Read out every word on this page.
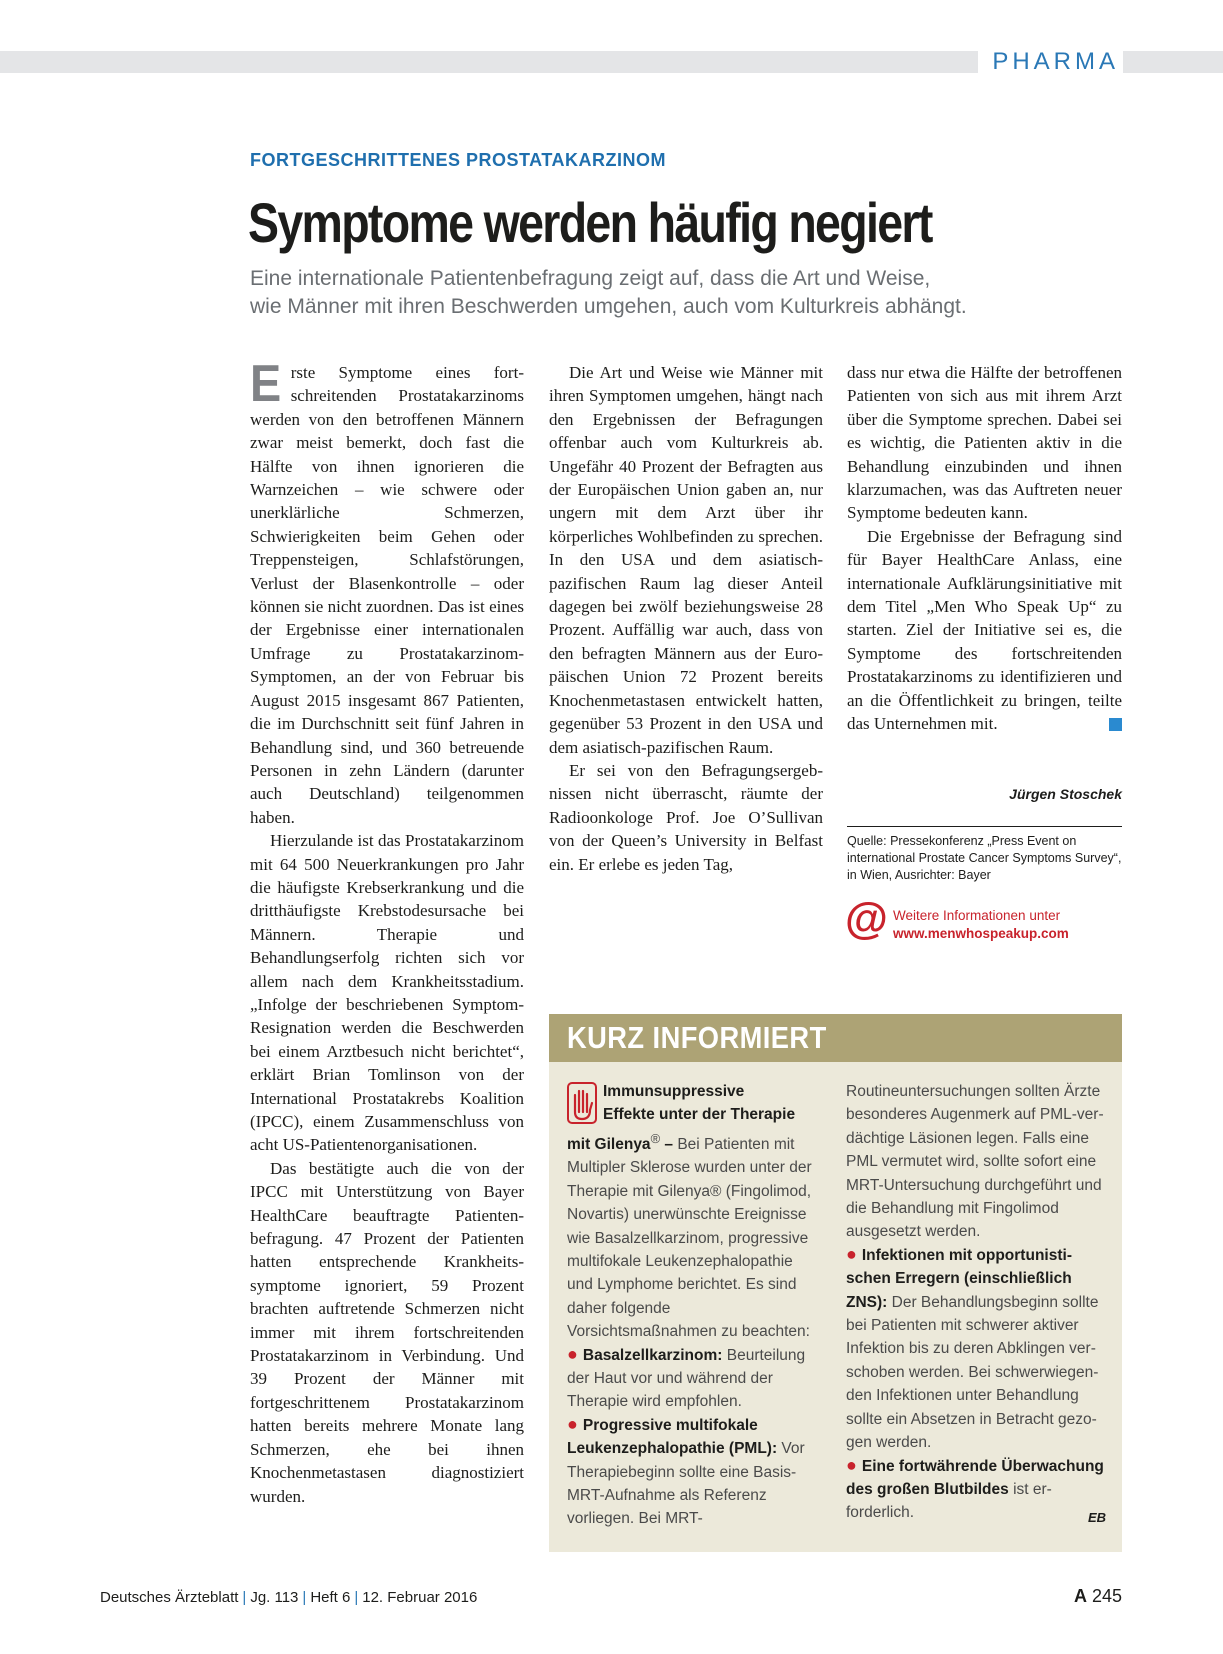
PHARMA
FORTGESCHRITTENES PROSTATAKARZINOM
Symptome werden häufig negiert
Eine internationale Patientenbefragung zeigt auf, dass die Art und Weise,
wie Männer mit ihren Beschwerden umgehen, auch vom Kulturkreis abhängt.

Erste Symptome eines fortschreitenden Prostatakarzinoms werden von den betroffenen Männern zwar meist bemerkt, doch fast die Hälfte von ihnen ignorieren die Warnzeichen – wie schwere oder unerklärliche Schmerzen, Schwierigkeiten beim Gehen oder Treppensteigen, Schlafstörungen, Verlust der Blasenkontrolle – oder können sie nicht zuordnen. Das ist eines der Ergebnisse einer internationalen Umfrage zu Prostatakarzinom-Symptomen, an der von Februar bis August 2015 insgesamt 867 Patienten, die im Durchschnitt seit fünf Jahren in Behandlung sind, und 360 betreuende Personen in zehn Ländern (darunter auch Deutschland) teilgenommen haben.

Hierzulande ist das Prostatakarzinom mit 64 500 Neuerkrankungen pro Jahr die häufigste Krebserkrankung und die dritthäufigste Krebstodesursache bei Männern. Therapie und Behandlungserfolg richten sich vor allem nach dem Krankheitsstadium. „Infolge der beschriebenen Symptom-Resignation werden die Beschwerden bei einem Arztbesuch nicht berichtet“, erklärt Brian Tomlinson von der International Prostatakrebs Koalition (IPCC), einem Zusammenschluss von acht US-Patientenorganisationen.

Das bestätigte auch die von der IPCC mit Unterstützung von Bayer HealthCare beauftragte Patientenbefragung. 47 Prozent der Patienten hatten entsprechende Krankheitssymptome ignoriert, 59 Prozent brachten auftretende Schmerzen nicht immer mit ihrem fortschreitenden Prostatakarzinom in Verbindung. Und 39 Prozent der Männer mit fortgeschrittenem Prostatakarzinom hatten bereits mehrere Monate lang Schmerzen, ehe bei ihnen Knochenmetastasen diagnostiziert wurden.

Die Art und Weise wie Männer mit ihren Symptomen umgehen, hängt nach den Ergebnissen der Befragungen offenbar auch vom Kulturkreis ab. Ungefähr 40 Prozent der Befragten aus der Europäischen Union gaben an, nur ungern mit dem Arzt über ihr körperliches Wohlbefinden zu sprechen. In den USA und dem asiatisch-pazifischen Raum lag dieser Anteil dagegen bei zwölf beziehungsweise 28 Prozent. Auffällig war auch, dass von den befragten Männern aus der Europäischen Union 72 Prozent bereits Knochenmetastasen entwickelt hatten, gegenüber 53 Prozent in den USA und dem asiatisch-pazifischen Raum.

Er sei von den Befragungsergebnissen nicht überrascht, räumte der Radioonkologe Prof. Joe O’Sullivan von der Queen’s University in Belfast ein. Er erlebe es jeden Tag,

dass nur etwa die Hälfte der betroffenen Patienten von sich aus mit ihrem Arzt über die Symptome sprechen. Dabei sei es wichtig, die Patienten aktiv in die Behandlung einzubinden und ihnen klarzumachen, was das Auftreten neuer Symptome bedeuten kann.

Die Ergebnisse der Befragung sind für Bayer HealthCare Anlass, eine internationale Aufklärungsinitiative mit dem Titel „Men Who Speak Up“ zu starten. Ziel der Initiative sei es, die Symptome des fortschreitenden Prostatakarzinoms zu identifizieren und an die Öffentlichkeit zu bringen, teilte das Unternehmen mit.

Jürgen Stoschek
Quelle: Pressekonferenz „Press Event on international Prostate Cancer Symptoms Survey“, in Wien, Ausrichter: Bayer
@ Weitere Informationen unter
www.menwhospeakup.com
KURZ INFORMIERT
Immunsuppressive
Effekte unter der Therapie
mit Gilenya® – Bei Patienten mit Multipler Sklerose wurden unter der Therapie mit Gilenya® (Fingolimod, Novartis) unerwünschte Ereignisse wie Basalzellkarzinom, progressive multifokale Leukenzephalopathie und Lymphome berichtet. Es sind daher folgende Vorsichtsmaßnahmen zu beachten:
● Basalzellkarzinom: Beurteilung der Haut vor und während der Therapie wird empfohlen.
● Progressive multifokale Leukenzephalopathie (PML): Vor Therapiebeginn sollte eine Basis-MRT-Aufnahme als Referenz vorliegen. Bei MRT-
Routineuntersuchungen sollten Ärzte besonderes Augenmerk auf PML-verdächtige Läsionen legen. Falls eine PML vermutet wird, sollte sofort eine MRT-Untersuchung durchgeführt und die Behandlung mit Fingolimod ausgesetzt werden.
● Infektionen mit opportunistischen Erregern (einschließlich ZNS): Der Behandlungsbeginn sollte bei Patienten mit schwerer aktiver Infektion bis zu deren Abklingen verschoben werden. Bei schwerwiegenden Infektionen unter Behandlung sollte ein Absetzen in Betracht gezogen werden.
● Eine fortwährende Überwachung des großen Blutbildes ist erforderlich.	EB
Deutsches Ärzteblatt | Jg. 113 | Heft 6 | 12. Februar 2016	A 245
